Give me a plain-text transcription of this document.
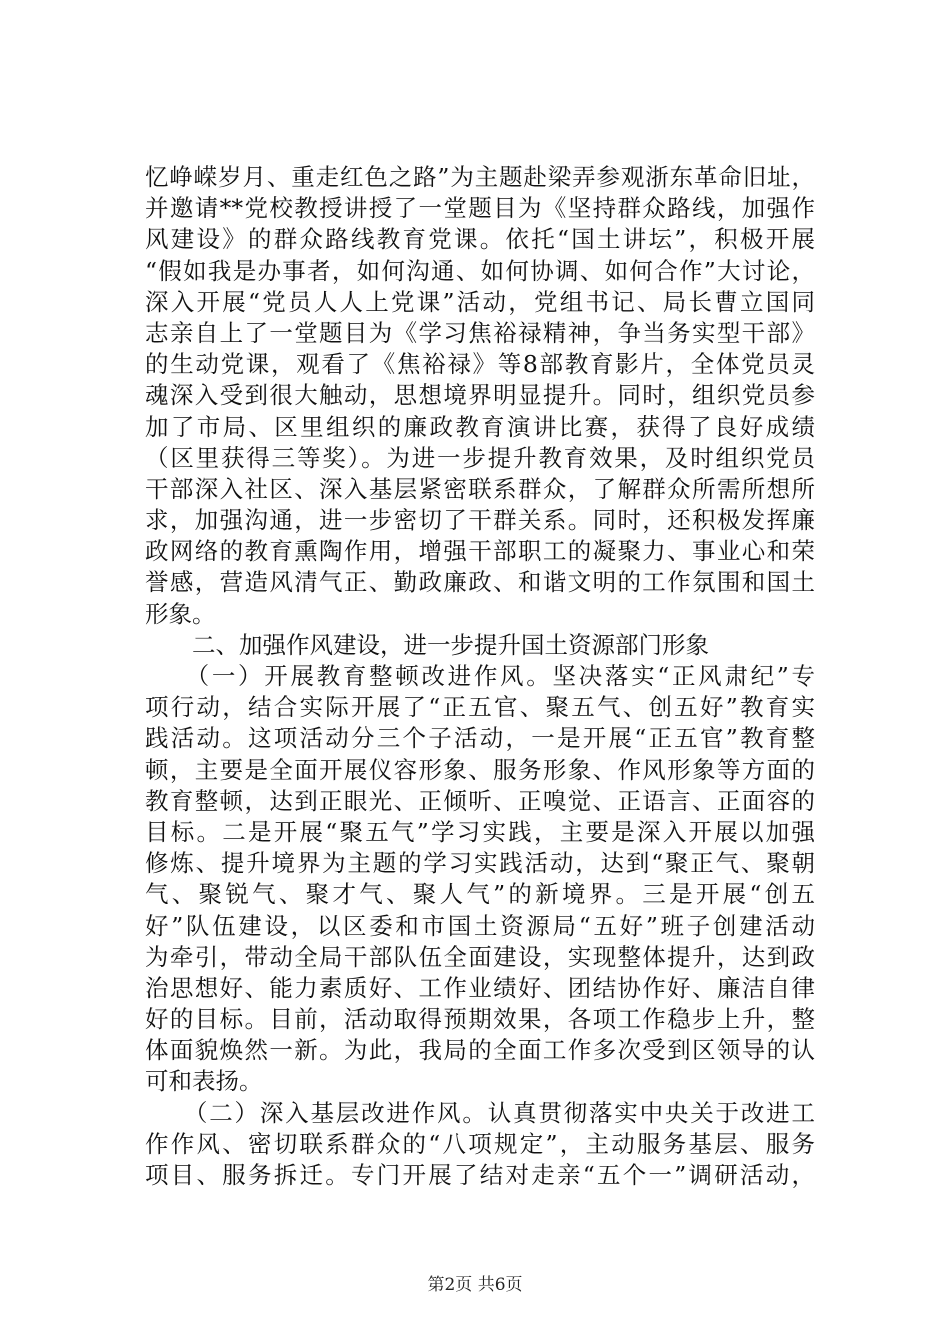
忆峥嵘岁月、重走红色之路”为主题赴梁弄参观浙东革命旧址，
并邀请**党校教授讲授了一堂题目为《坚持群众路线，加强作
风建设》的群众路线教育党课。依托“国土讲坛”，积极开展
“假如我是办事者，如何沟通、如何协调、如何合作”大讨论，
深入开展“党员人人上党课”活动，党组书记、局长曹立国同
志亲自上了一堂题目为《学习焦裕禄精神，争当务实型干部》
的生动党课，观看了《焦裕禄》等8部教育影片，全体党员灵
魂深入受到很大触动，思想境界明显提升。同时，组织党员参
加了市局、区里组织的廉政教育演讲比赛，获得了良好成绩
（区里获得三等奖）。为进一步提升教育效果，及时组织党员
干部深入社区、深入基层紧密联系群众，了解群众所需所想所
求，加强沟通，进一步密切了干群关系。同时，还积极发挥廉
政网络的教育熏陶作用，增强干部职工的凝聚力、事业心和荣
誉感，营造风清气正、勤政廉政、和谐文明的工作氛围和国土
形象。
　　二、加强作风建设，进一步提升国土资源部门形象
　　（一）开展教育整顿改进作风。坚决落实“正风肃纪”专
项行动，结合实际开展了“正五官、聚五气、创五好”教育实
践活动。这项活动分三个子活动，一是开展“正五官”教育整
顿，主要是全面开展仪容形象、服务形象、作风形象等方面的
教育整顿，达到正眼光、正倾听、正嗅觉、正语言、正面容的
目标。二是开展“聚五气”学习实践，主要是深入开展以加强
修炼、提升境界为主题的学习实践活动，达到“聚正气、聚朝
气、聚锐气、聚才气、聚人气”的新境界。三是开展“创五
好”队伍建设，以区委和市国土资源局“五好”班子创建活动
为牵引，带动全局干部队伍全面建设，实现整体提升，达到政
治思想好、能力素质好、工作业绩好、团结协作好、廉洁自律
好的目标。目前，活动取得预期效果，各项工作稳步上升，整
体面貌焕然一新。为此，我局的全面工作多次受到区领导的认
可和表扬。
　　（二）深入基层改进作风。认真贯彻落实中央关于改进工
作作风、密切联系群众的“八项规定”，主动服务基层、服务
项目、服务拆迁。专门开展了结对走亲“五个一”调研活动，
第2页 共6页
